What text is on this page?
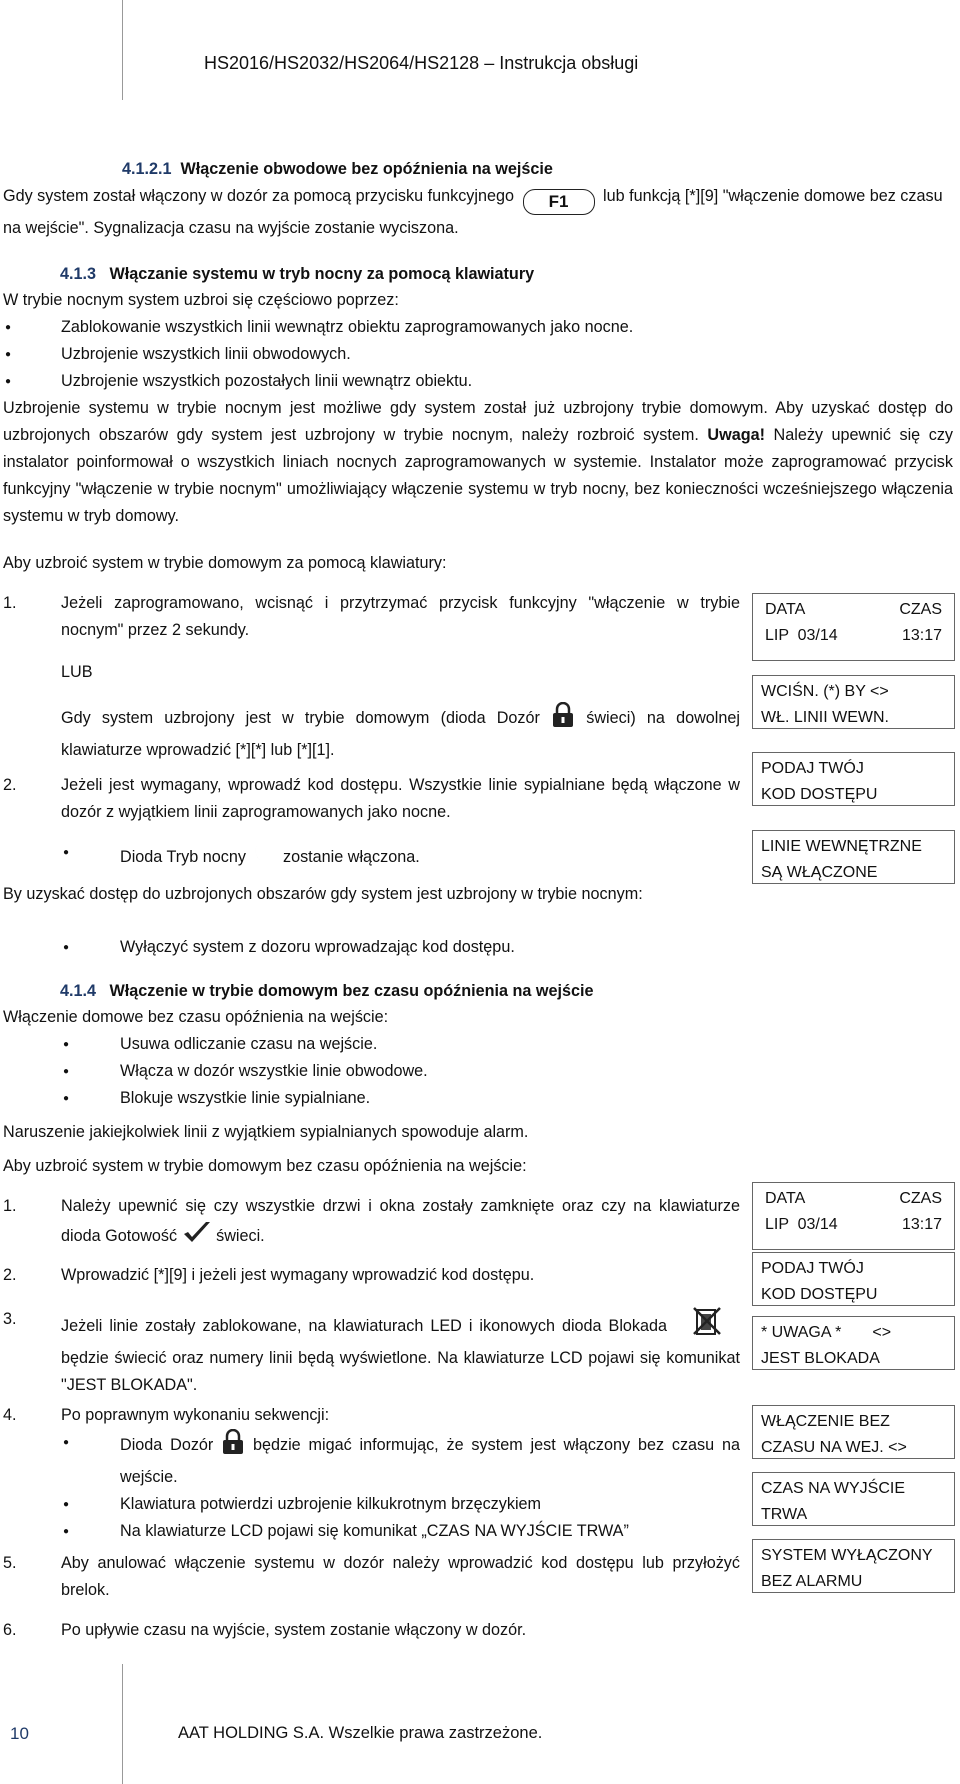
HS2016/HS2032/HS2064/HS2128 – Instrukcja obsługi
4.1.2.1 Włączenie obwodowe bez opóźnienia na wejście
Gdy system został włączony w dozór za pomocą przycisku funkcyjnego F1 lub funkcją [*][9] "włączenie domowe bez czasu na wejście". Sygnalizacja czasu na wyjście zostanie wyciszona.
4.1.3 Włączanie systemu w tryb nocny za pomocą klawiatury
W trybie nocnym system uzbroi się częściowo poprzez:
● Zablokowanie wszystkich linii wewnątrz obiektu zaprogramowanych jako nocne.
● Uzbrojenie wszystkich linii obwodowych.
● Uzbrojenie wszystkich pozostałych linii wewnątrz obiektu.
Uzbrojenie systemu w trybie nocnym jest możliwe gdy system został już uzbrojony trybie domowym. Aby uzyskać dostęp do uzbrojonych obszarów gdy system jest uzbrojony w trybie nocnym, należy rozbroić system. Uwaga! Należy upewnić się czy instalator poinformował o wszystkich liniach nocnych zaprogramowanych w systemie. Instalator może zaprogramować przycisk funkcyjny "włączenie w trybie nocnym" umożliwiający włączenie systemu w tryb nocny, bez konieczności wcześniejszego włączenia systemu w tryb domowy.
Aby uzbroić system w trybie domowym za pomocą klawiatury:
1.	Jeżeli zaprogramowano, wcisnąć i przytrzymać przycisk funkcyjny "włączenie w trybie nocnym" przez 2 sekundy.
LUB
Gdy system uzbrojony jest w trybie domowym (dioda Dozór	świeci) na dowolnej klawiaturze wprowadzić [*][*] lub [*][1].
2.	Jeżeli jest wymagany, wprowadź kod dostępu. Wszystkie linie sypialniane będą włączone w dozór z wyjątkiem linii zaprogramowanych jako nocne.
● Dioda Tryb nocny zostanie włączona.
By uzyskać dostęp do uzbrojonych obszarów gdy system jest uzbrojony w trybie nocnym:
● Wyłączyć system z dozoru wprowadzając kod dostępu.
DATA	CZAS
LIP  03/14	13:17
WCIŚN. (*) BY <>
WŁ. LINII WEWN.
PODAJ TWÓJ
KOD DOSTĘPU
LINIE WEWNĘTRZNE
SĄ WŁĄCZONE
4.1.4 Włączenie w trybie domowym bez czasu opóźnienia na wejście
Włączenie domowe bez czasu opóźnienia na wejście:
● Usuwa odliczanie czasu na wejście.
● Włącza w dozór wszystkie linie obwodowe.
● Blokuje wszystkie linie sypialniane.
Naruszenie jakiejkolwiek linii z wyjątkiem sypialnianych spowoduje alarm.
Aby uzbroić system w trybie domowym bez czasu opóźnienia na wejście:
1.	Należy upewnić się czy wszystkie drzwi i okna zostały zamknięte oraz czy na klawiaturze dioda Gotowość świeci.
2.	Wprowadzić [*][9] i jeżeli jest wymagany wprowadzić kod dostępu.
3.	Jeżeli linie zostały zablokowane, na klawiaturach LED i ikonowych dioda Blokada  będzie świecić oraz numery linii będą wyświetlone. Na klawiaturze LCD pojawi się komunikat "JEST BLOKADA".
4.	Po poprawnym wykonaniu sekwencji:
● Dioda Dozór będzie migać informując, że system jest włączony bez czasu na wejście.
● Klawiatura potwierdzi uzbrojenie kilkukrotnym brzęczykiem
● Na klawiaturze LCD pojawi się komunikat „CZAS NA WYJŚCIE TRWA”
5.	Aby anulować włączenie systemu w dozór należy wprowadzić kod dostępu lub przyłożyć brelok.
6.	Po upływie czasu na wyjście, system zostanie włączony w dozór.
DATA	CZAS
LIP  03/14	13:17
PODAJ TWÓJ
KOD DOSTĘPU
* UWAGA *       <>
JEST BLOKADA
WŁĄCZENIE BEZ
CZASU NA WEJ. <>
CZAS NA WYJŚCIE
TRWA
SYSTEM WYŁĄCZONY
BEZ ALARMU
10	AAT HOLDING S.A. Wszelkie prawa zastrzeżone.
